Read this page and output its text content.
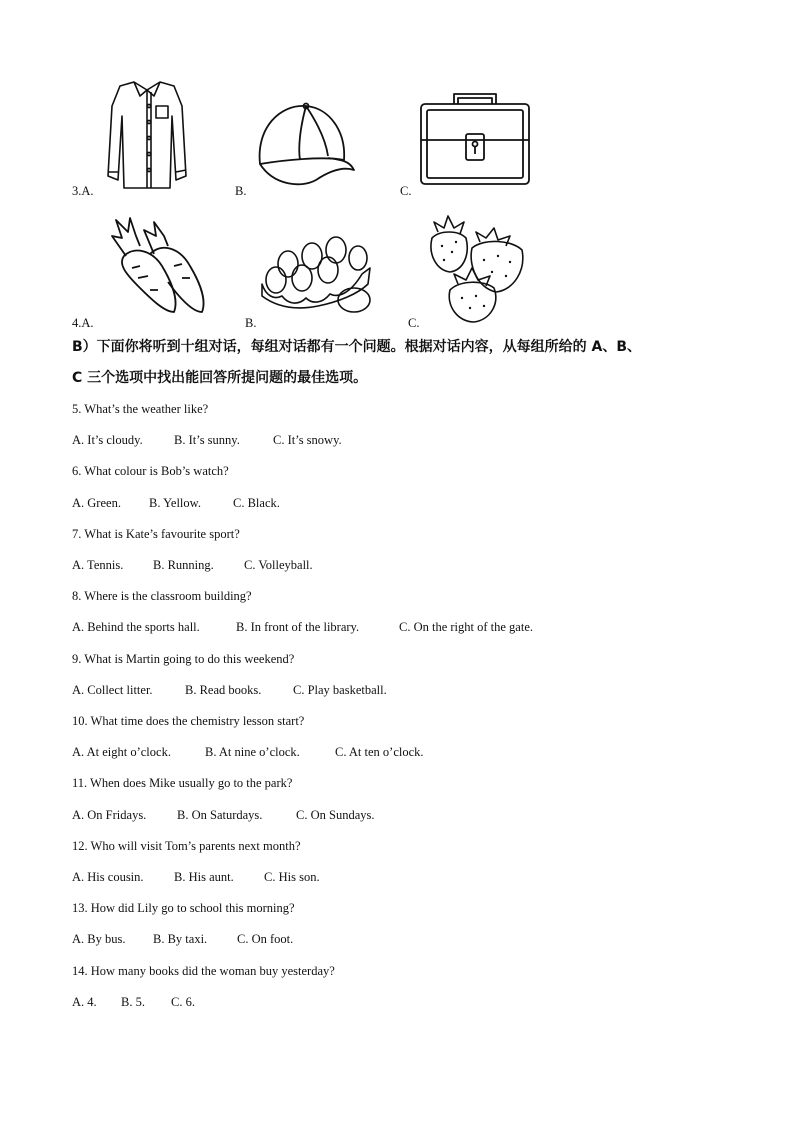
3.A.	B.	C.
4.A.	B.	C.
B）下面你将听到十组对话，每组对话都有一个问题。根据对话内容，从每组所给的 A、B、
C 三个选项中找出能回答所提问题的最佳选项。
5. What’s the weather like?
A. It’s cloudy.	B. It’s sunny.	C. It’s snowy.
6. What colour is Bob’s watch?
A. Green. B. Yellow.	C. Black.
7. What is Kate’s favourite sport?
A. Tennis. B. Running. C. Volleyball.
8. Where is the classroom building?
A. Behind the sports hall.	B. In front of the library.	C. On the right of the gate.
9. What is Martin going to do this weekend?
A. Collect litter.	B. Read books.	C. Play basketball.
10. What time does the chemistry lesson start?
A. At eight o’clock.	B. At nine o’clock.	C. At ten o’clock.
11. When does Mike usually go to the park?
A. On Fridays. B. On Saturdays.	C. On Sundays.
12. Who will visit Tom’s parents next month?
A. His cousin. B. His aunt. C. His son.
13. How did Lily go to school this morning?
A. By bus. B. By taxi. C. On foot.
14. How many books did the woman buy yesterday?
A. 4. B. 5. C. 6.
